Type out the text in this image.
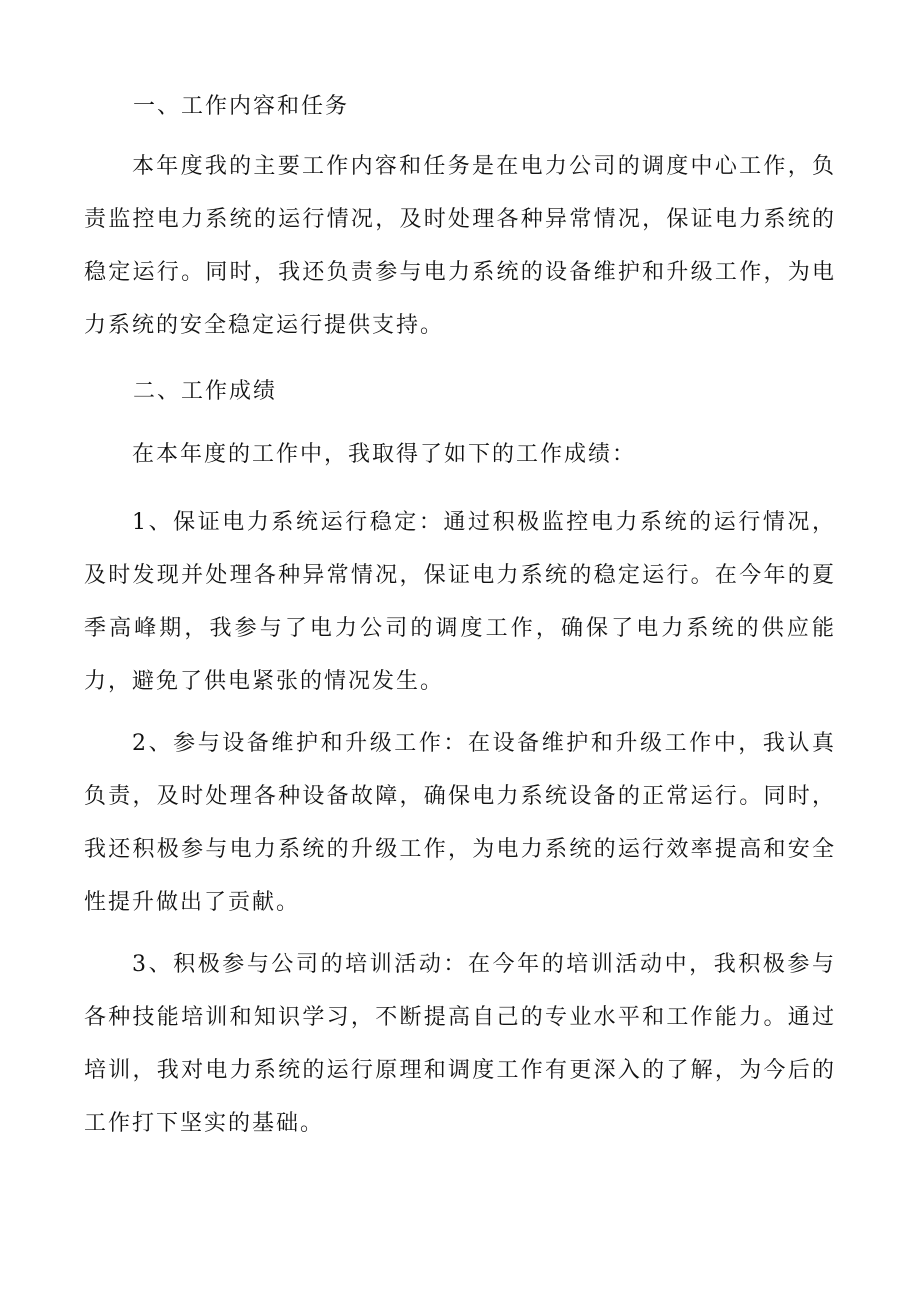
一、工作内容和任务

本年度我的主要工作内容和任务是在电力公司的调度中心工作，负责监控电力系统的运行情况，及时处理各种异常情况，保证电力系统的稳定运行。同时，我还负责参与电力系统的设备维护和升级工作，为电力系统的安全稳定运行提供支持。

二、工作成绩

在本年度的工作中，我取得了如下的工作成绩：

1、保证电力系统运行稳定：通过积极监控电力系统的运行情况，及时发现并处理各种异常情况，保证电力系统的稳定运行。在今年的夏季高峰期，我参与了电力公司的调度工作，确保了电力系统的供应能力，避免了供电紧张的情况发生。

2、参与设备维护和升级工作：在设备维护和升级工作中，我认真负责，及时处理各种设备故障，确保电力系统设备的正常运行。同时，我还积极参与电力系统的升级工作，为电力系统的运行效率提高和安全性提升做出了贡献。

3、积极参与公司的培训活动：在今年的培训活动中，我积极参与各种技能培训和知识学习，不断提高自己的专业水平和工作能力。通过培训，我对电力系统的运行原理和调度工作有更深入的了解，为今后的工作打下坚实的基础。
